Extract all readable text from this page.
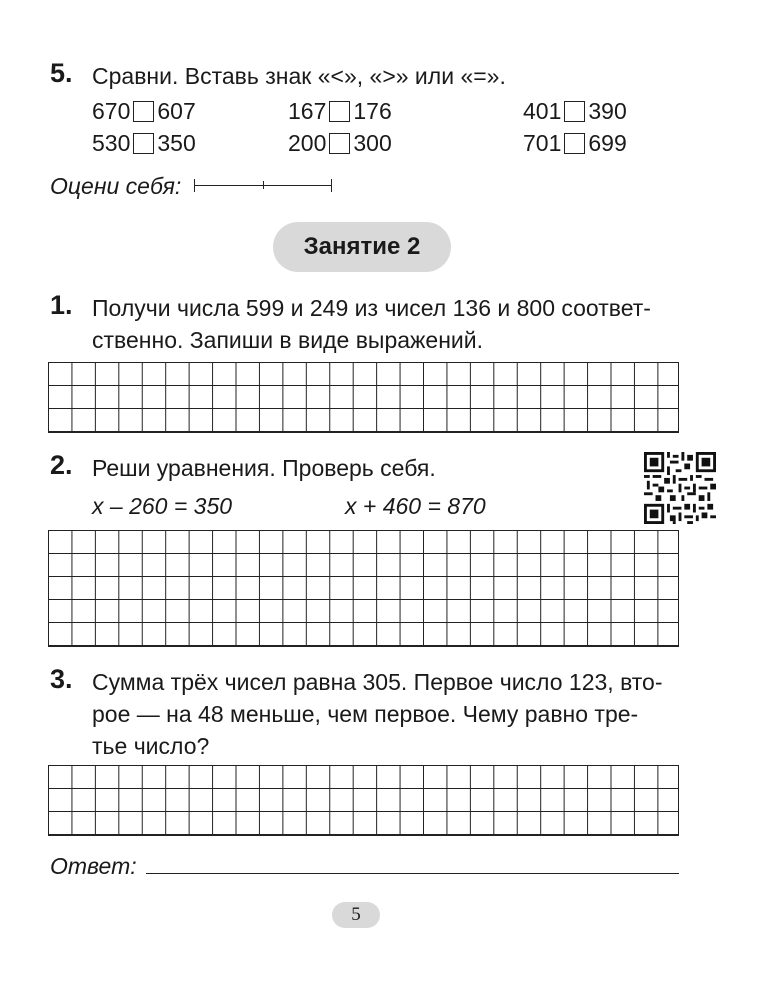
5. Сравни. Вставь знак «<», «>» или «=».
670 607	167 176	401 390
530 350	200 300	701 699
Оцени себя:
Занятие 2
1. Получи числа 599 и 249 из чисел 136 и 800 соответ-
ственно. Запиши в виде выражений.
2. Реши уравнения. Проверь себя.
x – 260 = 350	x + 460 = 870
3. Сумма трёх чисел равна 305. Первое число 123, вто-
рое — на 48 меньше, чем первое. Чему равно тре-
тье число?
Ответ:
5
